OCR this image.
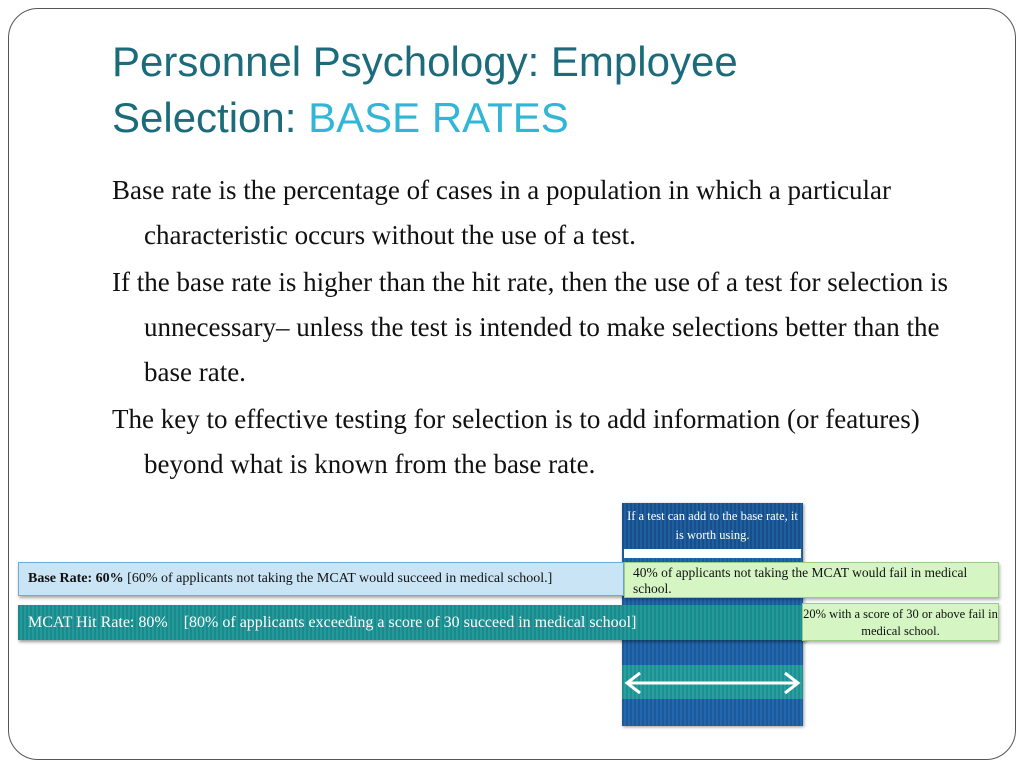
Personnel Psychology: Employee Selection: BASE RATES

Base rate is the percentage of cases in a population in which a particular characteristic occurs without the use of a test.

If the base rate is higher than the hit rate, then the use of a test for selection is unnecessary– unless the test is intended to make selections better than the base rate.

The key to effective testing for selection is to add information (or features) beyond what is known from the base rate.

If a test can add to the base rate, it is worth using.
Base Rate: 60% [60% of applicants not taking the MCAT would succeed in medical school.]	40% of applicants not taking the MCAT would fail in medical school.
MCAT Hit Rate: 80% [80% of applicants exceeding a score of 30 succeed in medical school]	20% with a score of 30 or above fail in medical school.
